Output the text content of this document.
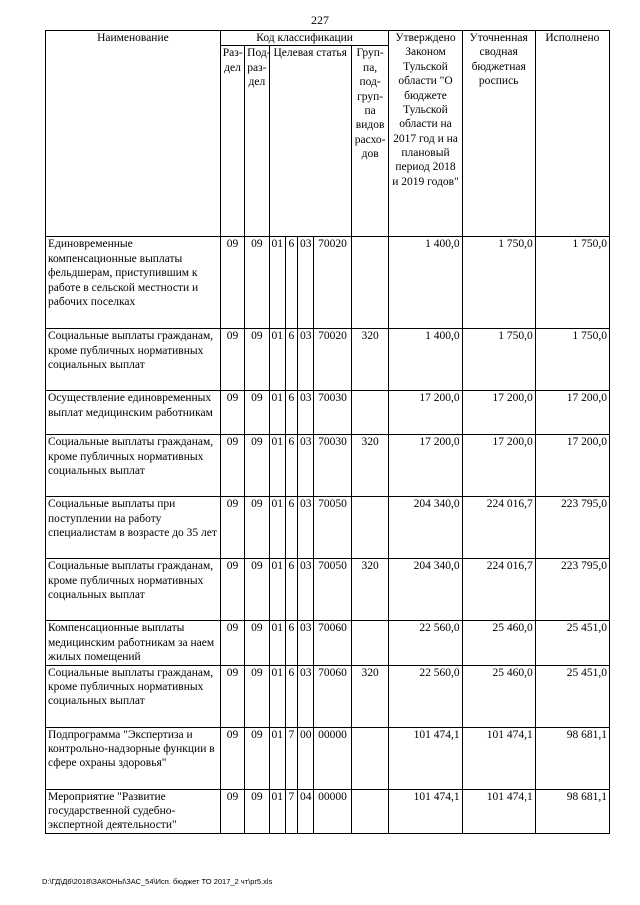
227
Наименование	Код классификации							Утверждено Законом Тульской области "О бюджете Тульской области на 2017 год и на плановый период 2018 и 2019 годов"	Уточненная сводная бюджетная роспись	Исполнено
	Раз-дел	Под-раз-дел	Целевая статья				Груп-па, под-груп-па видов расхо-дов			
Единовременные компенсационные выплаты фельдшерам, приступившим к работе в сельской местности и рабочих поселках	09	09	01	6	03	70020		1 400,0	1 750,0	1 750,0
Социальные выплаты гражданам, кроме публичных нормативных социальных выплат	09	09	01	6	03	70020	320	1 400,0	1 750,0	1 750,0
Осуществление единовременных выплат медицинским работникам	09	09	01	6	03	70030		17 200,0	17 200,0	17 200,0
Социальные выплаты гражданам, кроме публичных нормативных социальных выплат	09	09	01	6	03	70030	320	17 200,0	17 200,0	17 200,0
Социальные выплаты при поступлении на работу специалистам в возрасте до 35 лет	09	09	01	6	03	70050		204 340,0	224 016,7	223 795,0
Социальные выплаты гражданам, кроме публичных нормативных социальных выплат	09	09	01	6	03	70050	320	204 340,0	224 016,7	223 795,0
Компенсационные выплаты медицинским работникам за наем жилых помещений	09	09	01	6	03	70060		22 560,0	25 460,0	25 451,0
Социальные выплаты гражданам, кроме публичных нормативных социальных выплат	09	09	01	6	03	70060	320	22 560,0	25 460,0	25 451,0
Подпрограмма "Экспертиза и контрольно-надзорные функции в сфере охраны здоровья"	09	09	01	7	00	00000		101 474,1	101 474,1	98 681,1
Мероприятие "Развитие государственной судебно-экспертной деятельности"	09	09	01	7	04	00000		101 474,1	101 474,1	98 681,1
D:\ГД\Д6\2018\ЗАКОНЫ\ЗАС_54\Исп. бюджет ТО 2017_2 чт\pr5.xls
